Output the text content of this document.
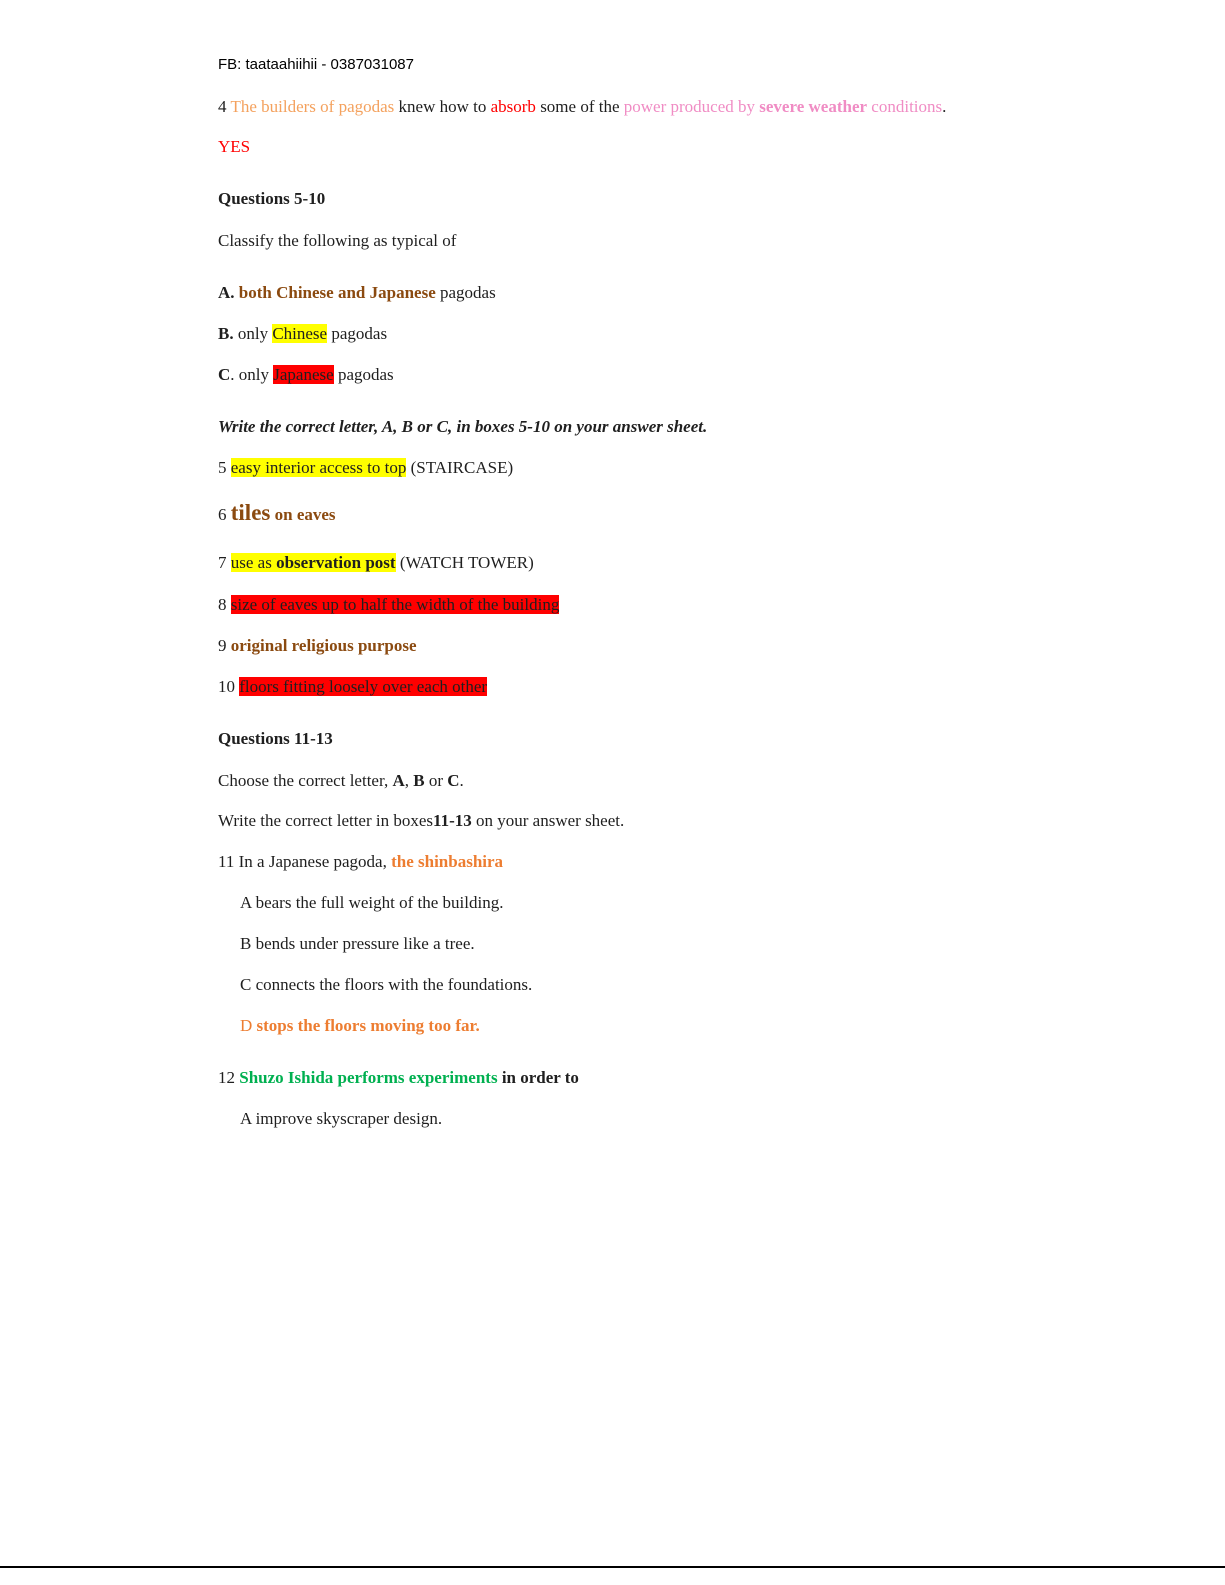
FB: taataahiihii - 0387031087
4 The builders of pagodas knew how to absorb some of the power produced by severe weather conditions.
YES
Questions 5-10
Classify the following as typical of
A. both Chinese and Japanese pagodas
B. only Chinese pagodas
C. only Japanese pagodas
Write the correct letter, A, B or C, in boxes 5-10 on your answer sheet.
5 easy interior access to top (STAIRCASE)
6 tiles on eaves
7 use as observation post (WATCH TOWER)
8 size of eaves up to half the width of the building
9 original religious purpose
10 floors fitting loosely over each other
Questions 11-13
Choose the correct letter, A, B or C.
Write the correct letter in boxes11-13 on your answer sheet.
11 In a Japanese pagoda, the shinbashira
A bears the full weight of the building.
B bends under pressure like a tree.
C connects the floors with the foundations.
D stops the floors moving too far.
12 Shuzo Ishida performs experiments in order to
A improve skyscraper design.
